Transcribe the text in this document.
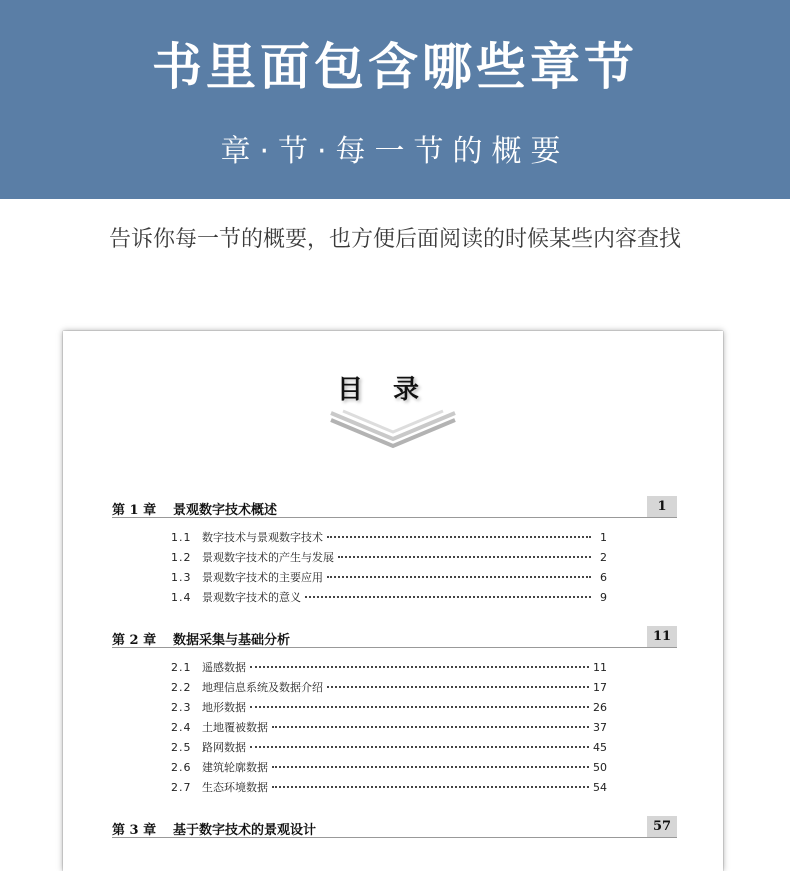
书里面包含哪些章节
章·节·每一节的概要
告诉你每一节的概要，也方便后面阅读的时候某些内容查找
目录
第 1 章 景观数字技术概述	1
1.1 数字技术与景观数字技术	1
1.2 景观数字技术的产生与发展	2
1.3 景观数字技术的主要应用	6
1.4 景观数字技术的意义	9
第 2 章 数据采集与基础分析	11
2.1 遥感数据	11
2.2 地理信息系统及数据介绍	17
2.3 地形数据	26
2.4 土地覆被数据	37
2.5 路网数据	45
2.6 建筑轮廓数据	50
2.7 生态环境数据	54
第 3 章 基于数字技术的景观设计	57
